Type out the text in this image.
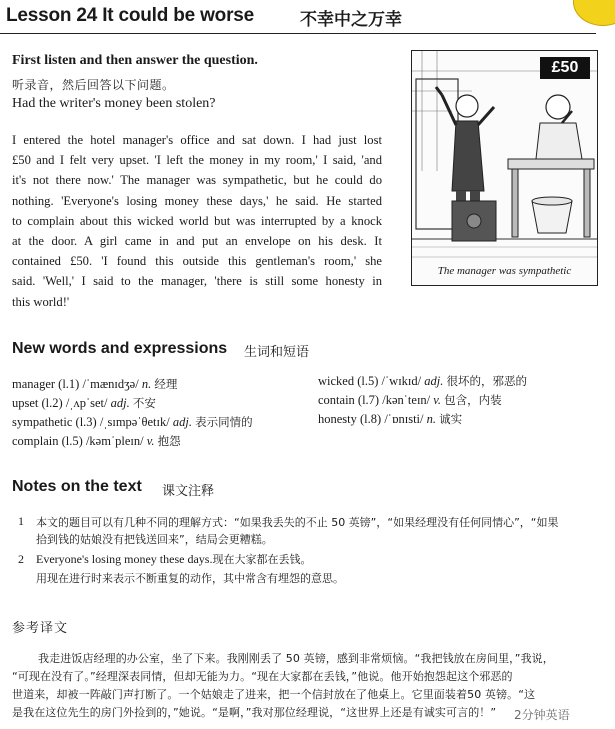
Lesson 24 It could be worse	不幸中之万幸
First listen and then answer the question.
听录音，然后回答以下问题。
Had the writer's money been stolen?
I entered the hotel manager's office and sat down. I had just lost
£50 and I felt very upset. 'I left the money in my room,' I said, 'and
it's not there now.' The manager was sympathetic, but he could do
nothing. 'Everyone's losing money these days,' he said. He started
to complain about this wicked world but was interrupted by a knock
at the door. A girl came in and put an envelope on his desk. It
contained £50. 'I found this outside this gentleman's room,' she
said. 'Well,' I said to the manager, 'there is still some honesty in
this world!'
£50
The manager was sympathetic
New words and expressions 生词和短语
manager (l.1) /ˈmænɪdʒə/ n. 经理
upset (l.2) /ˌʌpˈset/ adj. 不安
sympathetic (l.3) /ˌsɪmpəˈθetɪk/ adj. 表示同情的
complain (l.5) /kəmˈpleɪn/ v. 抱怨
wicked (l.5) /ˈwɪkɪd/ adj. 很坏的，邪恶的
contain (l.7) /kənˈteɪn/ v. 包含，内装
honesty (l.8) /ˈɒnɪsti/ n. 诚实
Notes on the text 课文注释
1 本文的题目可以有几种不同的理解方式：“如果我丢失的不止 50 英镑”，“如果经理没有任何同情心”，“如果
拾到钱的姑娘没有把钱送回来”，结局会更糟糕。
2 Everyone's losing money these days.现在大家都在丢钱。
用现在进行时来表示不断重复的动作，其中常含有埋怨的意思。
参考译文
我走进饭店经理的办公室，坐了下来。我刚刚丢了 50 英镑，感到非常烦恼。“我把钱放在房间里，”我说，
“可现在没有了。”经理深表同情，但却无能为力。“现在大家都在丢钱，”他说。他开始抱怨起这个邪恶的
世道来，却被一阵敲门声打断了。一个姑娘走了进来，把一个信封放在了他桌上。它里面装着50 英镑。“这
是我在这位先生的房门外捡到的，”她说。“是啊，”我对那位经理说，“这世界上还是有诚实可言的！” 2分钟英语
